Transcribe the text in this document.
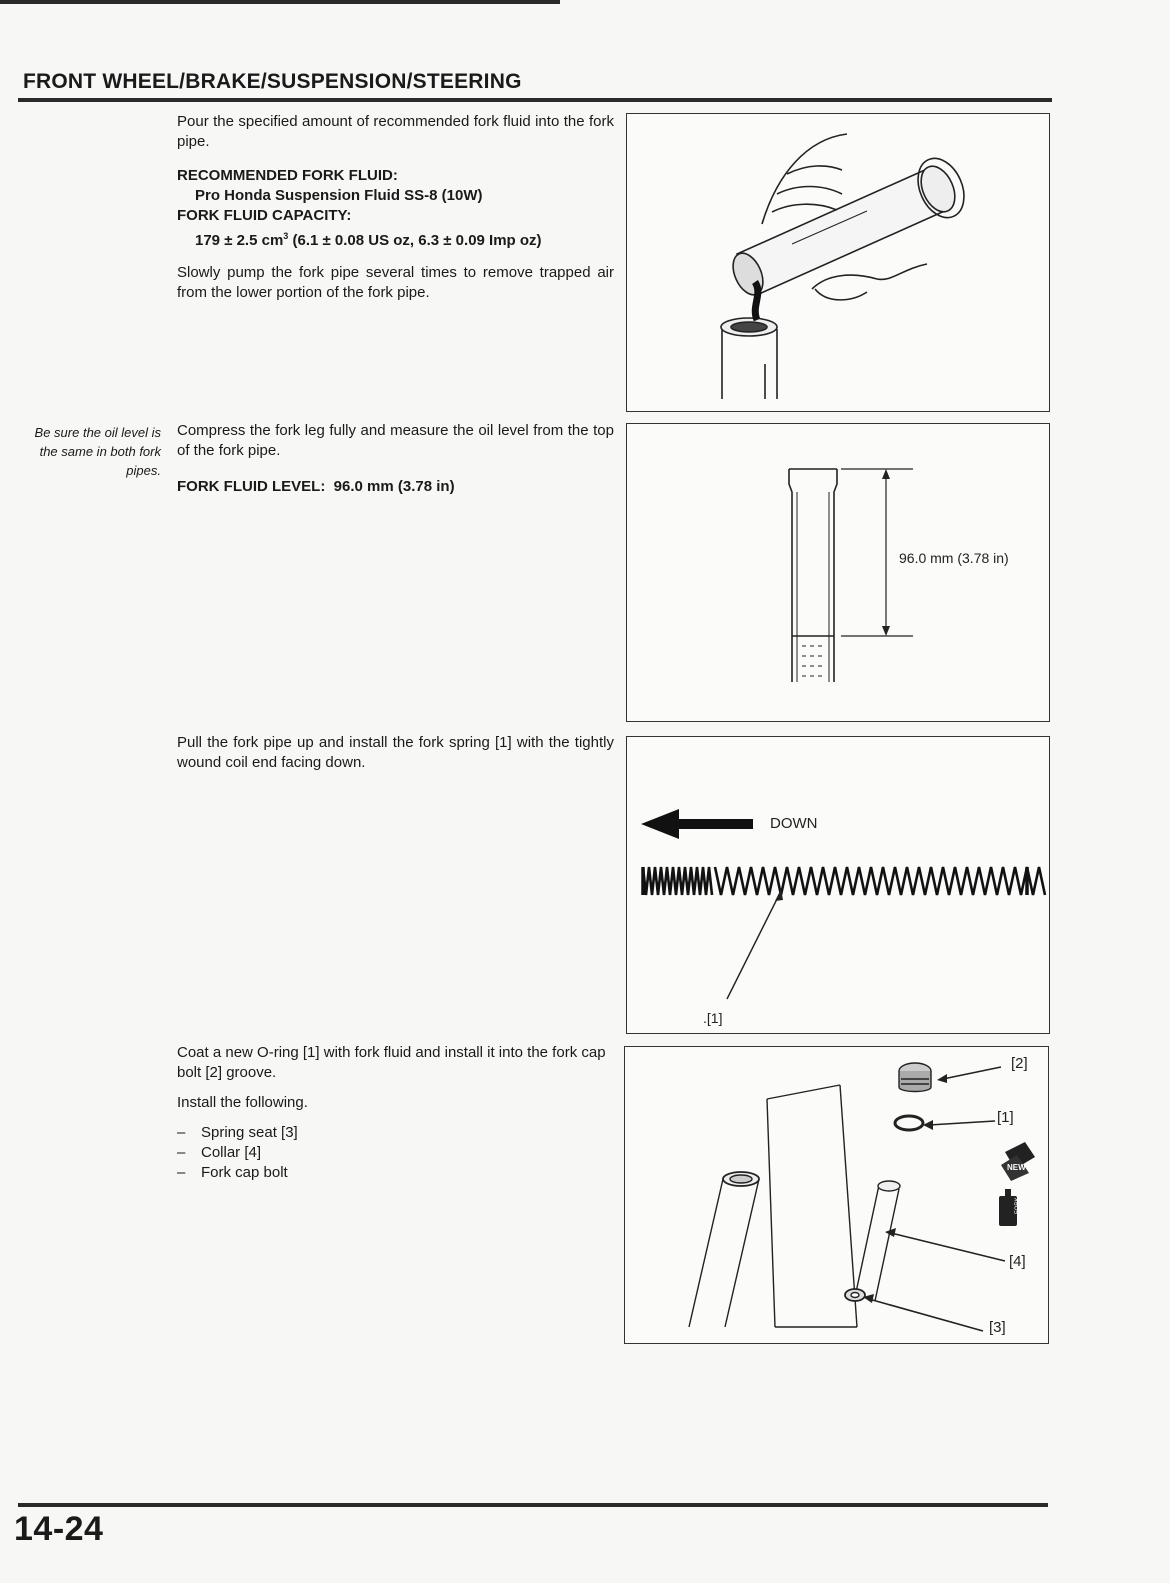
FRONT WHEEL/BRAKE/SUSPENSION/STEERING

Pour the specified amount of recommended fork fluid into the fork pipe.

RECOMMENDED FORK FLUID:
Pro Honda Suspension Fluid SS-8 (10W)
FORK FLUID CAPACITY:
179 ± 2.5 $cm^3$ (6.1 ± 0.08 US oz, 6.3 ± 0.09 Imp oz)

Slowly pump the fork pipe several times to remove trapped air from the lower portion of the fork pipe.

Be sure the oil level is the same in both fork pipes.

Compress the fork leg fully and measure the oil level from the top of the fork pipe.

FORK FLUID LEVEL: 96.0 mm (3.78 in)
96.0 mm (3.78 in)

Pull the fork pipe up and install the fork spring [1] with the tightly wound coil end facing down.

DOWN
.[1]

Coat a new O-ring [1] with fork fluid and install it into the fork cap bolt [2] groove.

Install the following.

– Spring seat [3]
– Collar [4]
– Fork cap bolt	NEW
FORK
[2]
[1]
[4]
[3]
14-24
